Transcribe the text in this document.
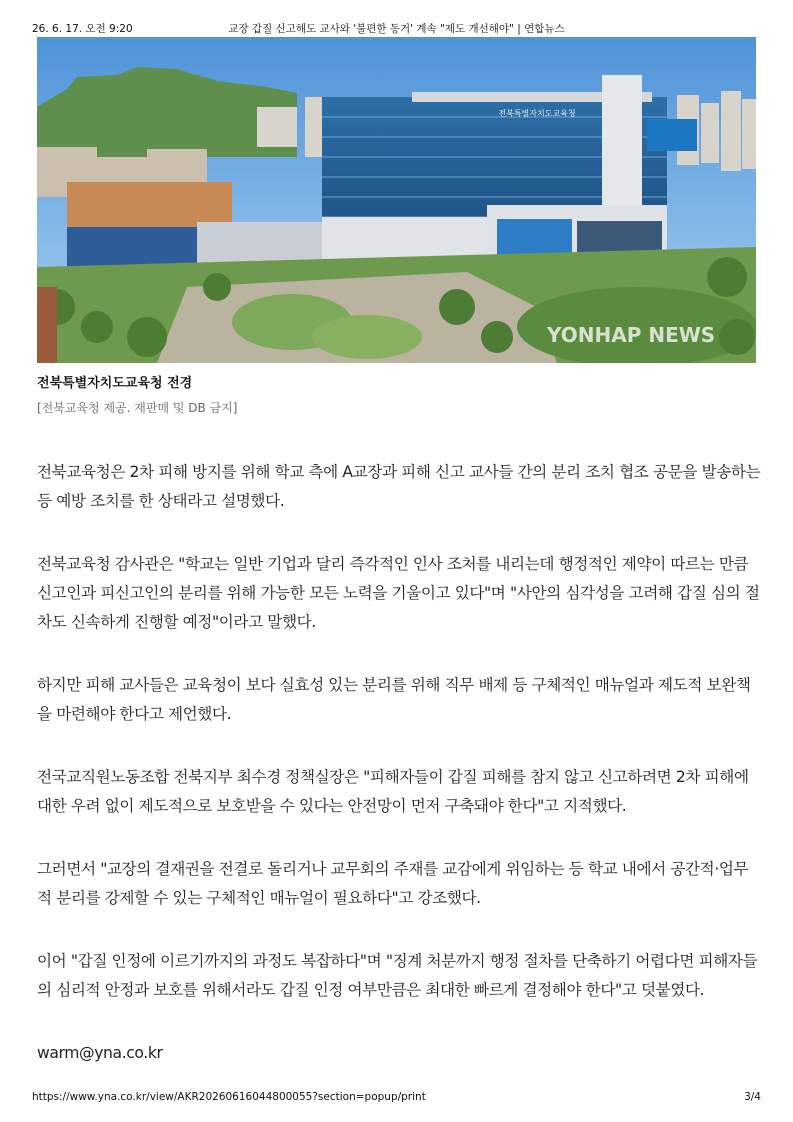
26. 6. 17. 오전 9:20	교장 갑질 신고해도 교사와 '불편한 동거' 계속 "제도 개선해야" | 연합뉴스
전북특별자치도교육청
YONHAP NEWS
전북특별자치도교육청 전경
[전북교육청 제공. 재판매 및 DB 금지]

전북교육청은 2차 피해 방지를 위해 학교 측에 A교장과 피해 신고 교사들 간의 분리 조치 협조 공문을 발송하는 등 예방 조치를 한 상태라고 설명했다.

전북교육청 감사관은 "학교는 일반 기업과 달리 즉각적인 인사 조처를 내리는데 행정적인 제약이 따르는 만큼 신고인과 피신고인의 분리를 위해 가능한 모든 노력을 기울이고 있다"며 "사안의 심각성을 고려해 갑질 심의 절차도 신속하게 진행할 예정"이라고 말했다.

하지만 피해 교사들은 교육청이 보다 실효성 있는 분리를 위해 직무 배제 등 구체적인 매뉴얼과 제도적 보완책을 마련해야 한다고 제언했다.

전국교직원노동조합 전북지부 최수경 정책실장은 "피해자들이 갑질 피해를 참지 않고 신고하려면 2차 피해에 대한 우려 없이 제도적으로 보호받을 수 있다는 안전망이 먼저 구축돼야 한다"고 지적했다.

그러면서 "교장의 결재권을 전결로 돌리거나 교무회의 주재를 교감에게 위임하는 등 학교 내에서 공간적·업무적 분리를 강제할 수 있는 구체적인 매뉴얼이 필요하다"고 강조했다.

이어 "갑질 인정에 이르기까지의 과정도 복잡하다"며 "징계 처분까지 행정 절차를 단축하기 어렵다면 피해자들의 심리적 안정과 보호를 위해서라도 갑질 인정 여부만큼은 최대한 빠르게 결정해야 한다"고 덧붙였다.

warm@yna.co.kr

https://www.yna.co.kr/view/AKR20260616044800055?section=popup/print	3/4
